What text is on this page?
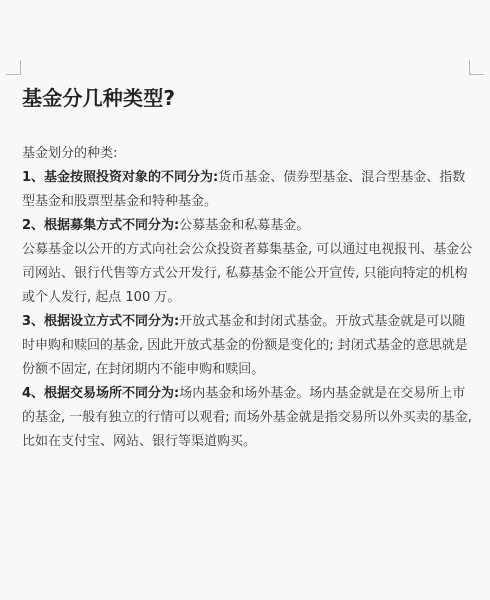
基金分几种类型?

基金划分的种类:

1、基金按照投资对象的不同分为:货币基金、债券型基金、混合型基金、指数型基金和股票型基金和特种基金。

2、根据募集方式不同分为:公募基金和私募基金。

公募基金以公开的方式向社会公众投资者募集基金, 可以通过电视报刊、基金公司网站、银行代售等方式公开发行, 私募基金不能公开宣传, 只能向特定的机构或个人发行, 起点 100 万。

3、根据设立方式不同分为:开放式基金和封闭式基金。开放式基金就是可以随时申购和赎回的基金, 因此开放式基金的份额是变化的; 封闭式基金的意思就是份额不固定, 在封闭期内不能申购和赎回。

4、根据交易场所不同分为:场内基金和场外基金。场内基金就是在交易所上市的基金, 一般有独立的行情可以观看; 而场外基金就是指交易所以外买卖的基金, 比如在支付宝、网站、银行等渠道购买。
